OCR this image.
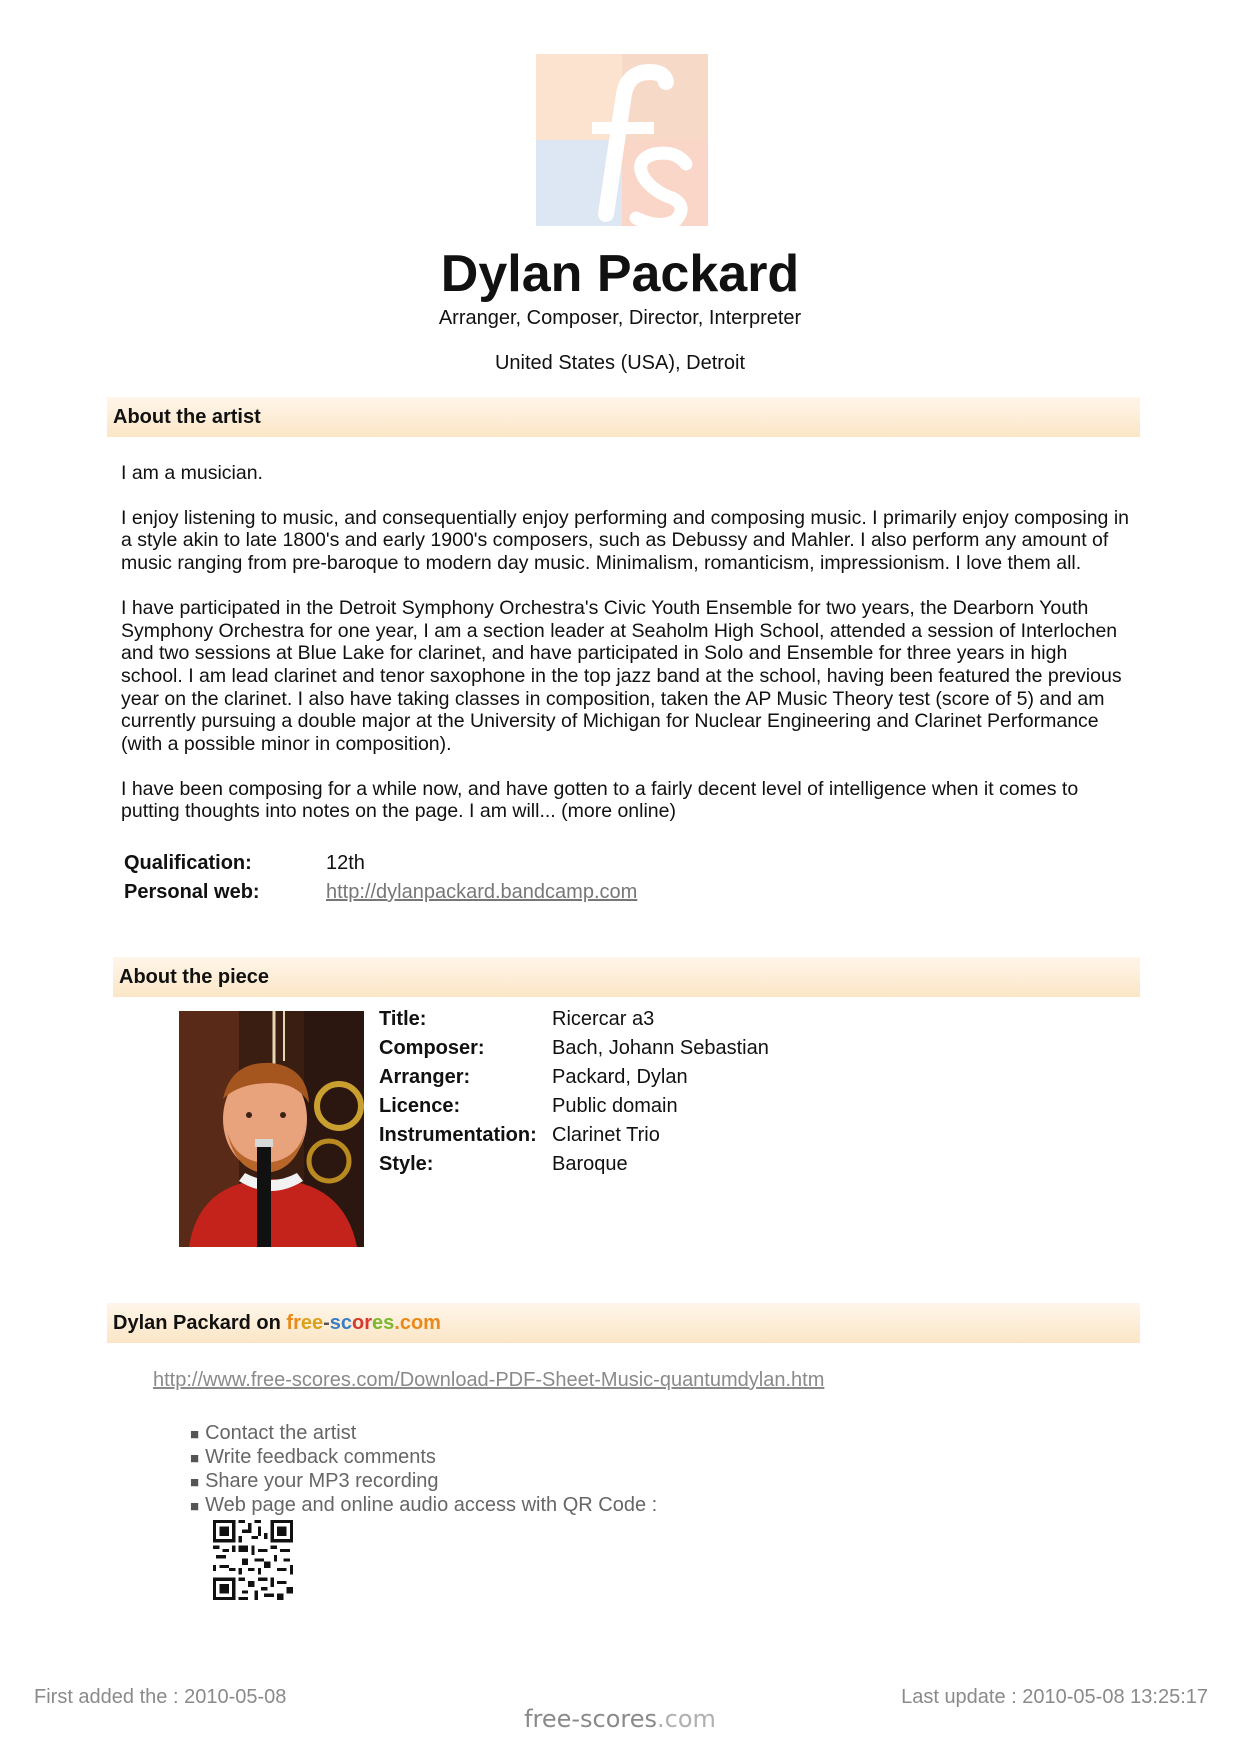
Dylan Packard
Arranger, Composer, Director, Interpreter
United States (USA), Detroit
About the artist

I am a musician.

I enjoy listening to music, and consequentially enjoy performing and composing music. I primarily enjoy composing in a style akin to late 1800's and early 1900's composers, such as Debussy and Mahler. I also perform any amount of music ranging from pre-baroque to modern day music. Minimalism, romanticism, impressionism. I love them all.

I have participated in the Detroit Symphony Orchestra's Civic Youth Ensemble for two years, the Dearborn Youth Symphony Orchestra for one year, I am a section leader at Seaholm High School, attended a session of Interlochen and two sessions at Blue Lake for clarinet, and have participated in Solo and Ensemble for three years in high school. I am lead clarinet and tenor saxophone in the top jazz band at the school, having been featured the previous year on the clarinet. I also have taking classes in composition, taken the AP Music Theory test (score of 5) and am currently pursuing a double major at the University of Michigan for Nuclear Engineering and Clarinet Performance (with a possible minor in composition).

I have been composing for a while now, and have gotten to a fairly decent level of intelligence when it comes to putting thoughts into notes on the page. I am will... (more online)

Qualification:	12th
Personal web:	http://dylanpackard.bandcamp.com
About the piece
Title:	Ricercar a3
Composer:	Bach, Johann Sebastian
Arranger:	Packard, Dylan
Licence:	Public domain
Instrumentation:	Clarinet Trio
Style:	Baroque
Dylan Packard on free-scores.com
http://www.free-scores.com/Download-PDF-Sheet-Music-quantumdylan.htm
■ Contact the artist
■ Write feedback comments
■ Share your MP3 recording
■ Web page and online audio access with QR Code :
First added the : 2010-05-08	Last update : 2010-05-08 13:25:17
free-scores.com
